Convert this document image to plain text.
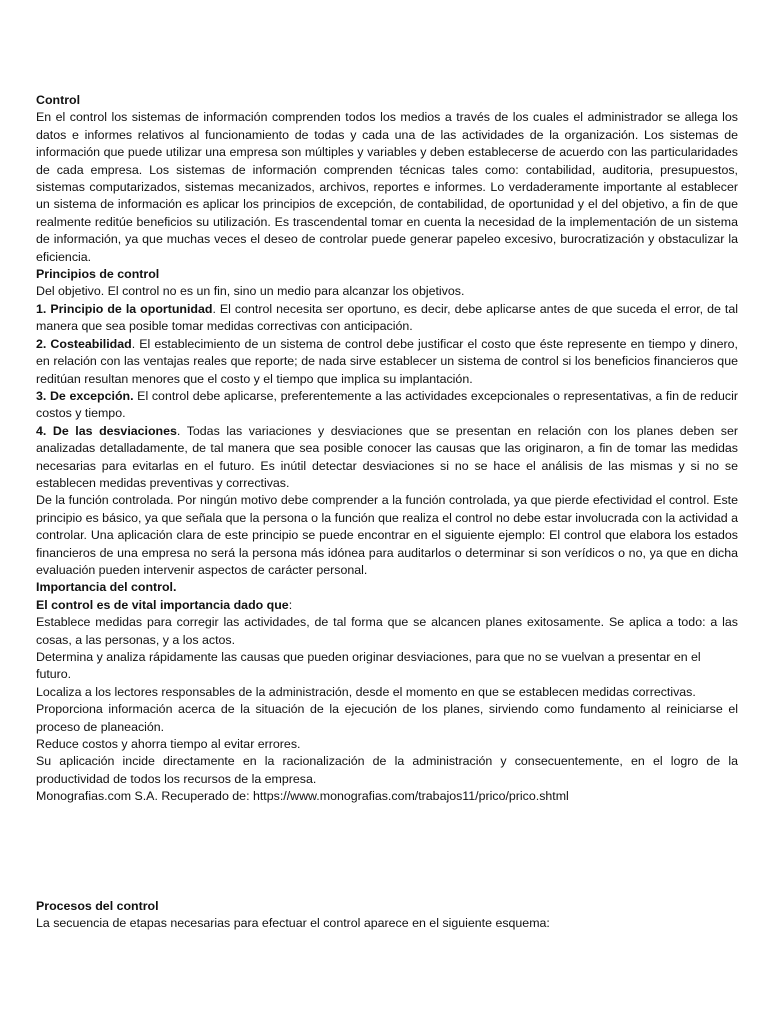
Control

En el control los sistemas de información comprenden todos los medios a través de los cuales el administrador se allega los datos e informes relativos al funcionamiento de todas y cada una de las actividades de la organización. Los sistemas de información que puede utilizar una empresa son múltiples y variables y deben establecerse de acuerdo con las particularidades de cada empresa. Los sistemas de información comprenden técnicas tales como: contabilidad, auditoria, presupuestos, sistemas computarizados, sistemas mecanizados, archivos, reportes e informes. Lo verdaderamente importante al establecer un sistema de información es aplicar los principios de excepción, de contabilidad, de oportunidad y el del objetivo, a fin de que realmente reditúe beneficios su utilización. Es trascendental tomar en cuenta la necesidad de la implementación de un sistema de información, ya que muchas veces el deseo de controlar puede generar papeleo excesivo, burocratización y obstaculizar la eficiencia.

Principios de control

Del objetivo. El control no es un fin, sino un medio para alcanzar los objetivos.

1. Principio de la oportunidad. El control necesita ser oportuno, es decir, debe aplicarse antes de que suceda el error, de tal manera que sea posible tomar medidas correctivas con anticipación.

2. Costeabilidad. El establecimiento de un sistema de control debe justificar el costo que éste represente en tiempo y dinero, en relación con las ventajas reales que reporte; de nada sirve establecer un sistema de control si los beneficios financieros que reditúan resultan menores que el costo y el tiempo que implica su implantación.

3. De excepción. El control debe aplicarse, preferentemente a las actividades excepcionales o representativas, a fin de reducir costos y tiempo.

4. De las desviaciones. Todas las variaciones y desviaciones que se presentan en relación con los planes deben ser analizadas detalladamente, de tal manera que sea posible conocer las causas que las originaron, a fin de tomar las medidas necesarias para evitarlas en el futuro. Es inútil detectar desviaciones si no se hace el análisis de las mismas y si no se establecen medidas preventivas y correctivas.

De la función controlada. Por ningún motivo debe comprender a la función controlada, ya que pierde efectividad el control. Este principio es básico, ya que señala que la persona o la función que realiza el control no debe estar involucrada con la actividad a controlar. Una aplicación clara de este principio se puede encontrar en el siguiente ejemplo: El control que elabora los estados financieros de una empresa no será la persona más idónea para auditarlos o determinar si son verídicos o no, ya que en dicha evaluación pueden intervenir aspectos de carácter personal.

Importancia del control.

El control es de vital importancia dado que:

Establece medidas para corregir las actividades, de tal forma que se alcancen planes exitosamente. Se aplica a todo: a las cosas, a las personas, y a los actos.

Determina y analiza rápidamente las causas que pueden originar desviaciones, para que no se vuelvan a presentar en el futuro.

Localiza a los lectores responsables de la administración, desde el momento en que se establecen medidas correctivas.

Proporciona información acerca de la situación de la ejecución de los planes, sirviendo como fundamento al reiniciarse el proceso de planeación.

Reduce costos y ahorra tiempo al evitar errores.

Su aplicación incide directamente en la racionalización de la administración y consecuentemente, en el logro de la productividad de todos los recursos de la empresa.

Monografias.com S.A. Recuperado de: https://www.monografias.com/trabajos11/prico/prico.shtml

Procesos del control

La secuencia de etapas necesarias para efectuar el control aparece en el siguiente esquema:
